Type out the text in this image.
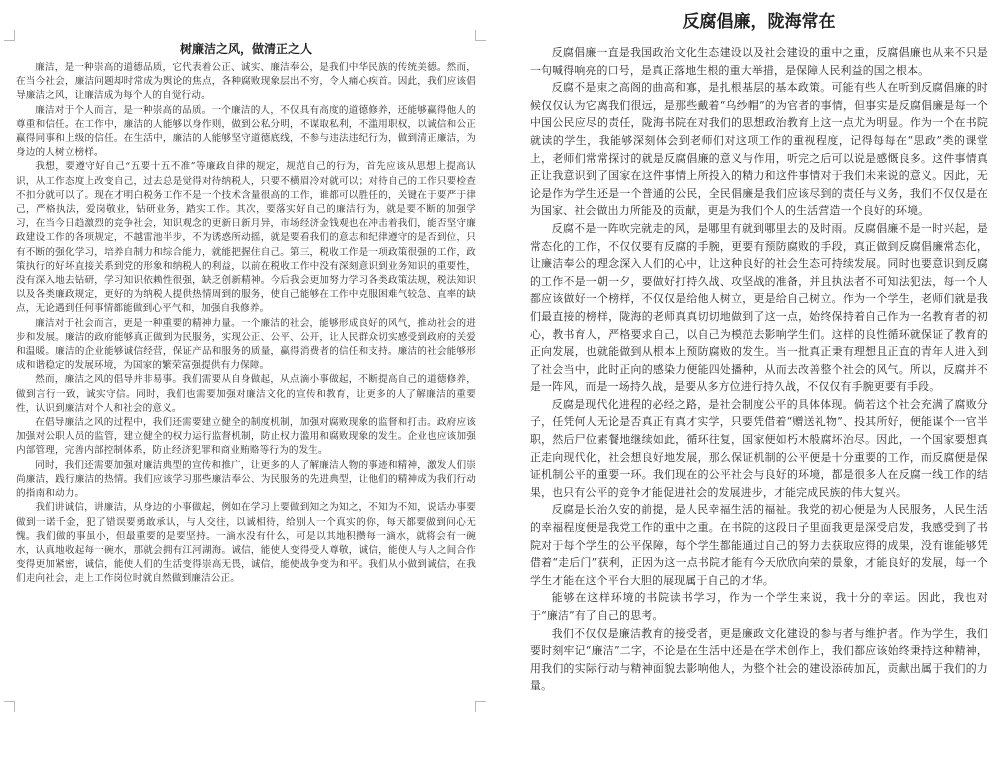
树廉洁之风，做清正之人

廉洁，是一种崇高的道德品质，它代表着公正、诚实、廉洁奉公，是我们中华民族的传统美德。然而，在当今社会，廉洁问题却时常成为舆论的焦点，各种腐败现象层出不穷，令人痛心疾首。因此，我们应该倡导廉洁之风，让廉洁成为每个人的自觉行动。

廉洁对于个人而言，是一种崇高的品质。一个廉洁的人，不仅具有高度的道德修养，还能够赢得他人的尊重和信任。在工作中，廉洁的人能够以身作则，做到公私分明，不谋取私利，不滥用职权，以诚信和公正赢得同事和上级的信任。在生活中，廉洁的人能够坚守道德底线，不参与违法违纪行为，做到清正廉洁，为身边的人树立榜样。

我想，要遵守好自己“五要十五不准”等廉政自律的规定，规范自己的行为，首先应该从思想上提高认识，从工作态度上改变自己，过去总是觉得对待纳税人，只要不横眉冷对就可以；对待自己的工作只要检查不扣分就可以了。现在才明白税务工作不是一个技术含量很高的工作，谁都可以胜任的，关键在于要严于律己，严格执法，爱岗敬业，钻研业务，踏实工作。其次，要落实好自己的廉洁行为，就是要不断的加强学习，在当今日趋激烈的竞争社会，知识观念的更新日新月异，市场经济金钱观也在冲击着我们，能否坚守廉政建设工作的各项规定，不越雷池半步，不为诱惑所动摇，就是要看我们的意志和纪律遵守的是否到位，只有不断的强化学习，培养自制力和综合能力，就能把握住自己。第三，税收工作是一项政策很强的工作，政策执行的好坏直接关系到党的形象和纳税人的利益，以前在税收工作中没有深刻意识到业务知识的重要性，没有深入地去钻研，学习知识依赖性很强，缺乏创新精神。今后我会更加努力学习各类政策法规，税法知识以及各类廉政规定，更好的为纳税人提供热情周到的服务，使自己能够在工作中克服困难气较急、直率的缺点，无论遇到任何事情都能做到心平气和，加强自我修养。

廉洁对于社会而言，更是一种重要的精神力量。一个廉洁的社会，能够形成良好的风气，推动社会的进步和发展。廉洁的政府能够真正做到为民服务，实现公正、公平、公开，让人民群众切实感受到政府的关爱和温暖。廉洁的企业能够诚信经营，保证产品和服务的质量，赢得消费者的信任和支持。廉洁的社会能够形成和谐稳定的发展环境，为国家的繁荣富强提供有力保障。

然而，廉洁之风的倡导并非易事。我们需要从自身做起，从点滴小事做起，不断提高自己的道德修养，做到言行一致，诚实守信。同时，我们也需要加强对廉洁文化的宣传和教育，让更多的人了解廉洁的重要性，认识到廉洁对个人和社会的意义。

在倡导廉洁之风的过程中，我们还需要建立健全的制度机制，加强对腐败现象的监督和打击。政府应该加强对公职人员的监管，建立健全的权力运行监督机制，防止权力滥用和腐败现象的发生。企业也应该加强内部管理，完善内部控制体系，防止经济犯罪和商业贿赂等行为的发生。

同时，我们还需要加强对廉洁典型的宣传和推广，让更多的人了解廉洁人物的事迹和精神，激发人们崇尚廉洁，践行廉洁的热情。我们应该学习那些廉洁奉公、为民服务的先进典型，让他们的精神成为我们行动的指南和动力。

我们讲诚信，讲廉洁，从身边的小事做起，例如在学习上要做到知之为知之，不知为不知，说话办事要做到一诺千金，犯了错误要勇敢承认，与人交往，以诚相待，给别人一个真实的你，每天都要做到问心无愧。我们做的事虽小，但最重要的是要坚持。一滴水没有什么，可是以其地积攒每一滴水，就将会有一碗水，认真地收起每一碗水，那就会拥有江河湖海。诚信，能使人变得受人尊敬，诚信，能使人与人之间合作变得更加紧密，诚信，能使人们的生活变得崇高无畏，诚信，能使战争变为和平。我们从小做到诚信，在我们走向社会，走上工作岗位时就自然做到廉洁公正。

反腐倡廉，陇海常在

反腐倡廉一直是我国政治文化生态建设以及社会建设的重中之重，反腐倡廉也从来不只是一句喊得响亮的口号，是真正落地生根的重大举措，是保障人民利益的国之根本。

反腐不是束之高阁的曲高和寡，是扎根基层的基本政策。可能有些人在听到反腐倡廉的时候仅仅认为它离我们很远，是那些戴着“乌纱帽”的为官者的事情，但事实是反腐倡廉是每一个中国公民应尽的责任，陇海书院在对我们的思想政治教育上这一点尤为明显。作为一个在书院就读的学生，我能够深刻体会到老师们对这项工作的重视程度，记得每每在“思政”类的课堂上，老师们常常探讨的就是反腐倡廉的意义与作用，听完之后可以说是感慨良多。这件事情真正让我意识到了国家在这件事情上所投入的精力和这件事情对于我们未来说的意义。因此，无论是作为学生还是一个普通的公民，全民倡廉是我们应该尽到的责任与义务，我们不仅仅是在为国家、社会做出力所能及的贡献，更是为我们个人的生活营造一个良好的环境。

反腐不是一阵吹完就走的风，是哪里有就到哪里去的及时雨。反腐倡廉不是一时兴起，是常态化的工作，不仅仅要有反腐的手腕，更要有预防腐败的手段，真正做到反腐倡廉常态化，让廉洁奉公的理念深入人们的心中，让这种良好的社会生态可持续发展。同时也要意识到反腐的工作不是一朝一夕，要做好打持久战、攻坚战的准备，并且执法者不可知法犯法，每一个人都应该做好一个榜样，不仅仅是给他人树立，更是给自己树立。作为一个学生，老师们就是我们最直接的榜样，陇海的老师真真切切地做到了这一点，始终保持着自己作为一名教育者的初心，教书育人，严格要求自己，以自己为模范去影响学生们。这样的良性循环就保证了教育的正向发展，也就能做到从根本上预防腐败的发生。当一批真正秉有理想且正直的青年人进入到了社会当中，此时正向的感染力便能四处播种，从而去改善整个社会的风气。所以，反腐并不是一阵风，而是一场持久战，是要从多方位进行持久战，不仅仅有手腕更要有手段。

反腐是现代化进程的必经之路，是社会制度公平的具体体现。倘若这个社会充满了腐败分子，任凭何人无论是否真正有真才实学，只要凭借着“赠送礼物”、投其所好，便能谋个一官半职，然后尸位素餐地继续如此，循环往复，国家便如朽木般腐坏治尽。因此，一个国家要想真正走向现代化，社会想良好地发展，那么保证机制的公平便是十分重要的工作，而反腐便是保证机制公平的重要一环。我们现在的公平社会与良好的环境，都是很多人在反腐一线工作的结果，也只有公平的竞争才能促进社会的发展进步，才能完成民族的伟大复兴。

反腐是长治久安的前提，是人民幸福生活的福祉。我党的初心便是为人民服务，人民生活的幸福程度便是我党工作的重中之重。在书院的这段日子里面我更是深受启发，我感受到了书院对于每个学生的公平保障，每个学生都能通过自己的努力去获取应得的成果，没有谁能够凭借着“走后门”获利，正因为这一点书院才能有今天欣欣向荣的景象，才能良好的发展，每一个学生才能在这个平台大胆的展现属于自己的才华。

能够在这样环境的书院读书学习，作为一个学生来说，我十分的幸运。因此，我也对于“廉洁”有了自己的思考。

我们不仅仅是廉洁教育的接受者，更是廉政文化建设的参与者与维护者。作为学生，我们要时刻牢记“廉洁”二字，不论是在生活中还是在学术创作上，我们都应该始终秉持这种精神，用我们的实际行动与精神面貌去影响他人，为整个社会的建设添砖加瓦，贡献出属于我们的力量。
